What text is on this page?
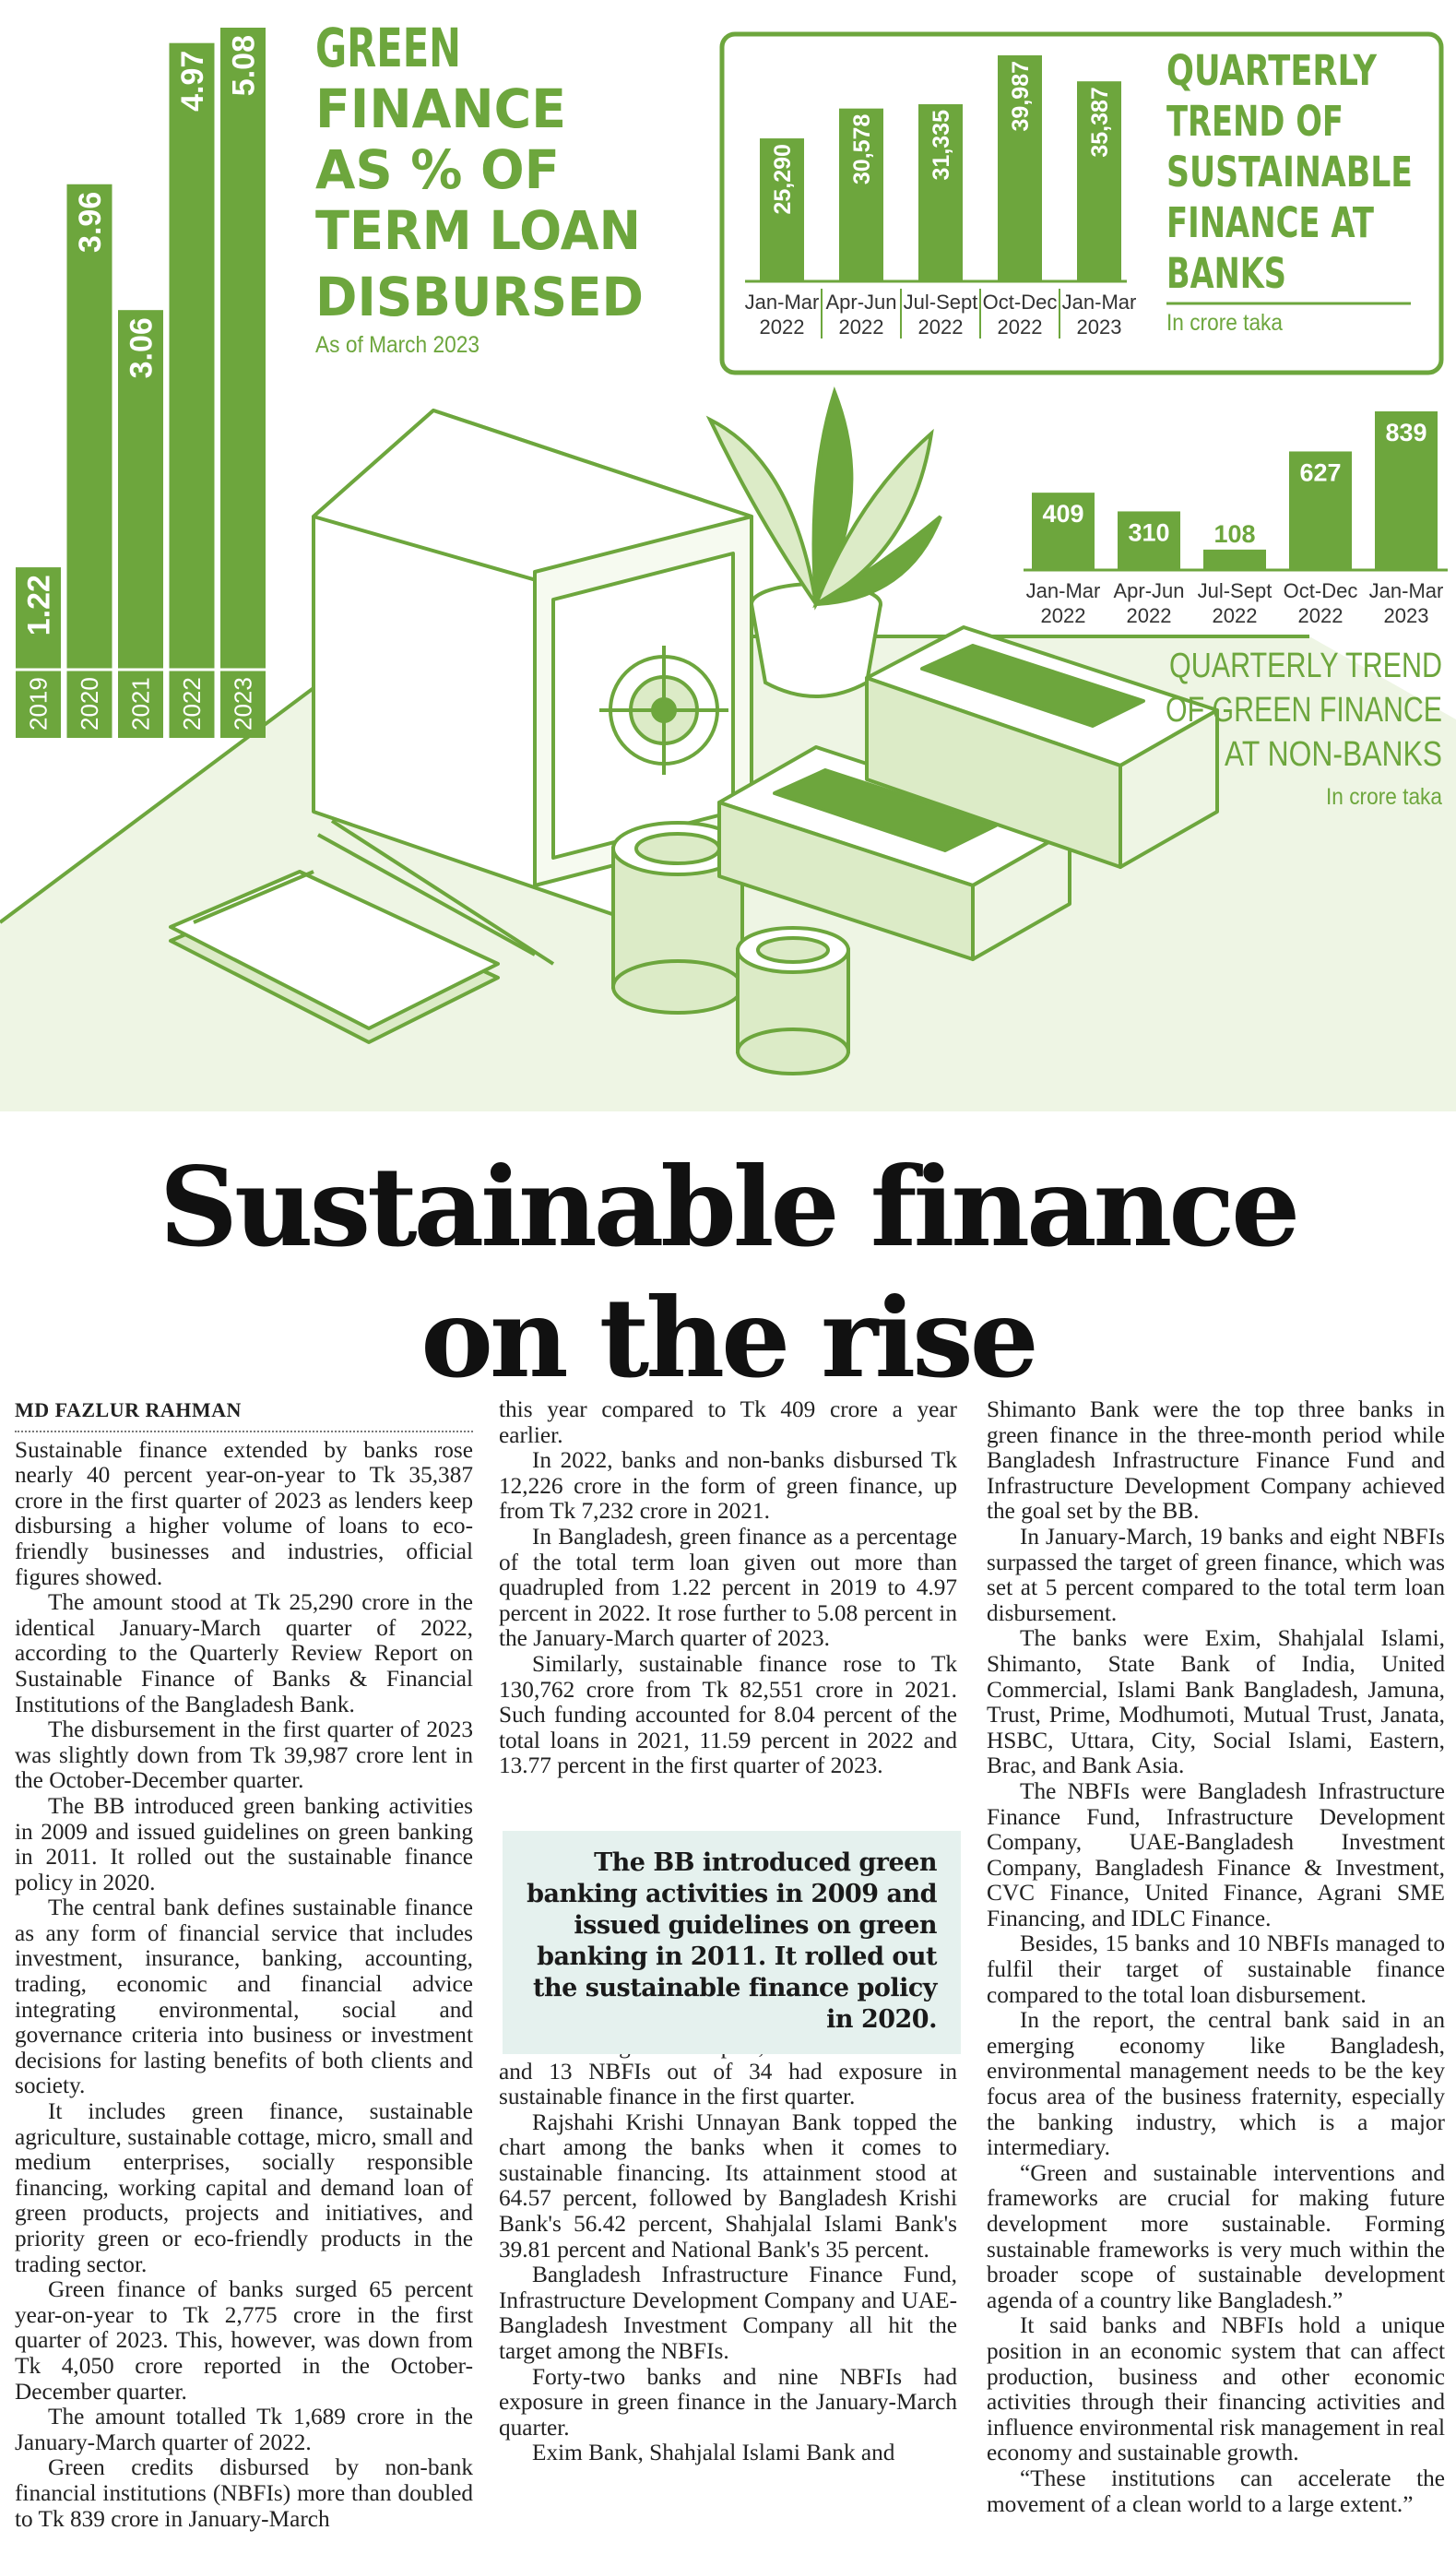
1.22
2019
3.96
2020
3.06
2021
4.97
2022
5.08
2023
GREEN
FINANCE
AS % OF
TERM LOAN
DISBURSED
As of March 2023
25,290
Jan-Mar
2022
30,578
Apr-Jun
2022
31,335
Jul-Sept
2022
39,987
Oct-Dec
2022
35,387
Jan-Mar
2023
QUARTERLY
TREND OF
SUSTAINABLE
FINANCE AT
BANKS
In crore taka
409
Jan-Mar
2022
310
Apr-Jun
2022
108
Jul-Sept
2022
627
Oct-Dec
2022
839
Jan-Mar
2023
QUARTERLY TREND
OF GREEN FINANCE
AT NON-BANKS
In crore taka
Sustainable finance
on the rise
MD FAZLUR RAHMAN

Sustainable finance extended by banks rose nearly 40 percent year-on-year to Tk 35,387 crore in the first quarter of 2023 as lenders keep disbursing a higher volume of loans to eco-friendly businesses and industries, official figures showed.

The amount stood at Tk 25,290 crore in the identical January-March quarter of 2022, according to the Quarterly Review Report on Sustainable Finance of Banks & Financial Institutions of the Bangladesh Bank.

The disbursement in the first quarter of 2023 was slightly down from Tk 39,987 crore lent in the October-December quarter.

The BB introduced green banking activities in 2009 and issued guidelines on green banking in 2011. It rolled out the sustainable finance policy in 2020.

The central bank defines sustainable finance as any form of financial service that includes investment, insurance, banking, accounting, trading, economic and financial advice integrating environmental, social and governance criteria into business or investment decisions for lasting benefits of both clients and society.

It includes green finance, sustainable agriculture, sustainable cottage, micro, small and medium enterprises, socially responsible financing, working capital and demand loan of green products, projects and initiatives, and priority green or eco-friendly products in the trading sector.

Green finance of banks surged 65 percent year-on-year to Tk 2,775 crore in the first quarter of 2023. This, however, was down from Tk 4,050 crore reported in the October-December quarter.

The amount totalled Tk 1,689 crore in the January-March quarter of 2022.

Green credits disbursed by non-bank financial institutions (NBFIs) more than doubled to Tk 839 crore in January-March

this year compared to Tk 409 crore a year earlier.

In 2022, banks and non-banks disbursed Tk 12,226 crore in the form of green finance, up from Tk 7,232 crore in 2021.

In Bangladesh, green finance as a percentage of the total term loan given out more than quadrupled from 1.22 percent in 2019 to 4.97 percent in 2022. It rose further to 5.08 percent in the January-March quarter of 2023.

Similarly, sustainable finance rose to Tk 130,762 crore from Tk 82,551 crore in 2021. Such funding accounted for 8.04 percent of the total loans in 2021, 11.59 percent in 2022 and 13.77 percent in the first quarter of 2023.

and 13 NBFIs out of 34 had exposure in sustainable finance in the first quarter.

Rajshahi Krishi Unnayan Bank topped the chart among the banks when it comes to sustainable financing. Its attainment stood at 64.57 percent, followed by Bangladesh Krishi Bank's 56.42 percent, Shahjalal Islami Bank's 39.81 percent and National Bank's 35 percent.

Bangladesh Infrastructure Finance Fund, Infrastructure Development Company and UAE-Bangladesh Investment Company all hit the target among the NBFIs.

Forty-two banks and nine NBFIs had exposure in green finance in the January-March quarter.

Exim Bank, Shahjalal Islami Bank and

The BB introduced green banking activities in 2009 and issued guidelines on green banking in 2011. It rolled out the sustainable finance policy in 2020.

Shimanto Bank were the top three banks in green finance in the three-month period while Bangladesh Infrastructure Finance Fund and Infrastructure Development Company achieved the goal set by the BB.

In January-March, 19 banks and eight NBFIs surpassed the target of green finance, which was set at 5 percent compared to the total term loan disbursement.

The banks were Exim, Shahjalal Islami, Shimanto, State Bank of India, United Commercial, Islami Bank Bangladesh, Jamuna, Trust, Prime, Modhumoti, Mutual Trust, Janata, HSBC, Uttara, City, Social Islami, Eastern, Brac, and Bank Asia.

The NBFIs were Bangladesh Infrastructure Finance Fund, Infrastructure Development Company, UAE-Bangladesh Investment Company, Bangladesh Finance & Investment, CVC Finance, United Finance, Agrani SME Financing, and IDLC Finance.

Besides, 15 banks and 10 NBFIs managed to fulfil their target of sustainable finance compared to the total loan disbursement.

In the report, the central bank said in an emerging economy like Bangladesh, environmental management needs to be the key focus area of the business fraternity, especially the banking industry, which is a major intermediary.

“Green and sustainable interventions and frameworks are crucial for making future development more sustainable. Forming sustainable frameworks is very much within the broader scope of sustainable development agenda of a country like Bangladesh.”

It said banks and NBFIs hold a unique position in an economic system that can affect production, business and other economic activities through their financing activities and influence environmental risk management in real economy and sustainable growth.

“These institutions can accelerate the movement of a clean world to a large extent.”
